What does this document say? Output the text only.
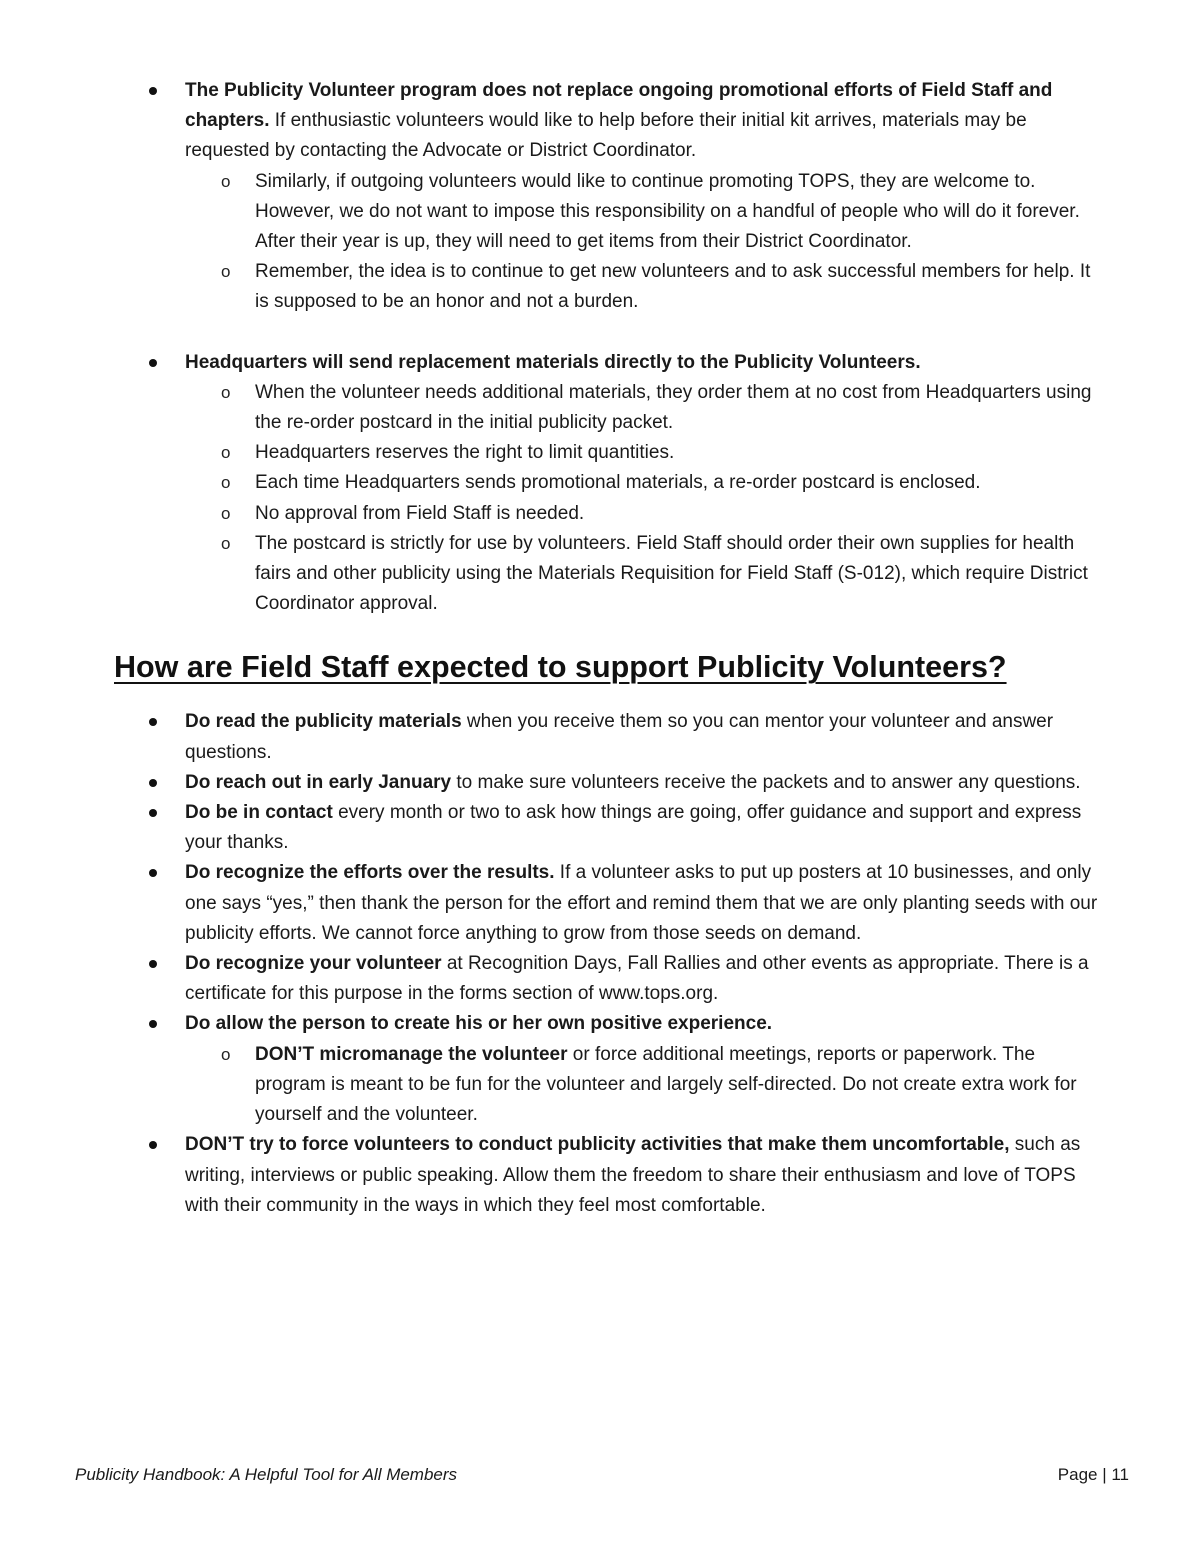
The Publicity Volunteer program does not replace ongoing promotional efforts of Field Staff and chapters. If enthusiastic volunteers would like to help before their initial kit arrives, materials may be requested by contacting the Advocate or District Coordinator.
o Similarly, if outgoing volunteers would like to continue promoting TOPS, they are welcome to. However, we do not want to impose this responsibility on a handful of people who will do it forever. After their year is up, they will need to get items from their District Coordinator.
o Remember, the idea is to continue to get new volunteers and to ask successful members for help. It is supposed to be an honor and not a burden.
Headquarters will send replacement materials directly to the Publicity Volunteers.
o When the volunteer needs additional materials, they order them at no cost from Headquarters using the re-order postcard in the initial publicity packet.
o Headquarters reserves the right to limit quantities.
o Each time Headquarters sends promotional materials, a re-order postcard is enclosed.
o No approval from Field Staff is needed.
o The postcard is strictly for use by volunteers. Field Staff should order their own supplies for health fairs and other publicity using the Materials Requisition for Field Staff (S-012), which require District Coordinator approval.
How are Field Staff expected to support Publicity Volunteers?
Do read the publicity materials when you receive them so you can mentor your volunteer and answer questions.
Do reach out in early January to make sure volunteers receive the packets and to answer any questions.
Do be in contact every month or two to ask how things are going, offer guidance and support and express your thanks.
Do recognize the efforts over the results. If a volunteer asks to put up posters at 10 businesses, and only one says “yes,” then thank the person for the effort and remind them that we are only planting seeds with our publicity efforts. We cannot force anything to grow from those seeds on demand.
Do recognize your volunteer at Recognition Days, Fall Rallies and other events as appropriate. There is a certificate for this purpose in the forms section of www.tops.org.
Do allow the person to create his or her own positive experience.
o DON’T micromanage the volunteer or force additional meetings, reports or paperwork. The program is meant to be fun for the volunteer and largely self-directed. Do not create extra work for yourself and the volunteer.
DON’T try to force volunteers to conduct publicity activities that make them uncomfortable, such as writing, interviews or public speaking. Allow them the freedom to share their enthusiasm and love of TOPS with their community in the ways in which they feel most comfortable.
Publicity Handbook: A Helpful Tool for All Members	Page | 11
